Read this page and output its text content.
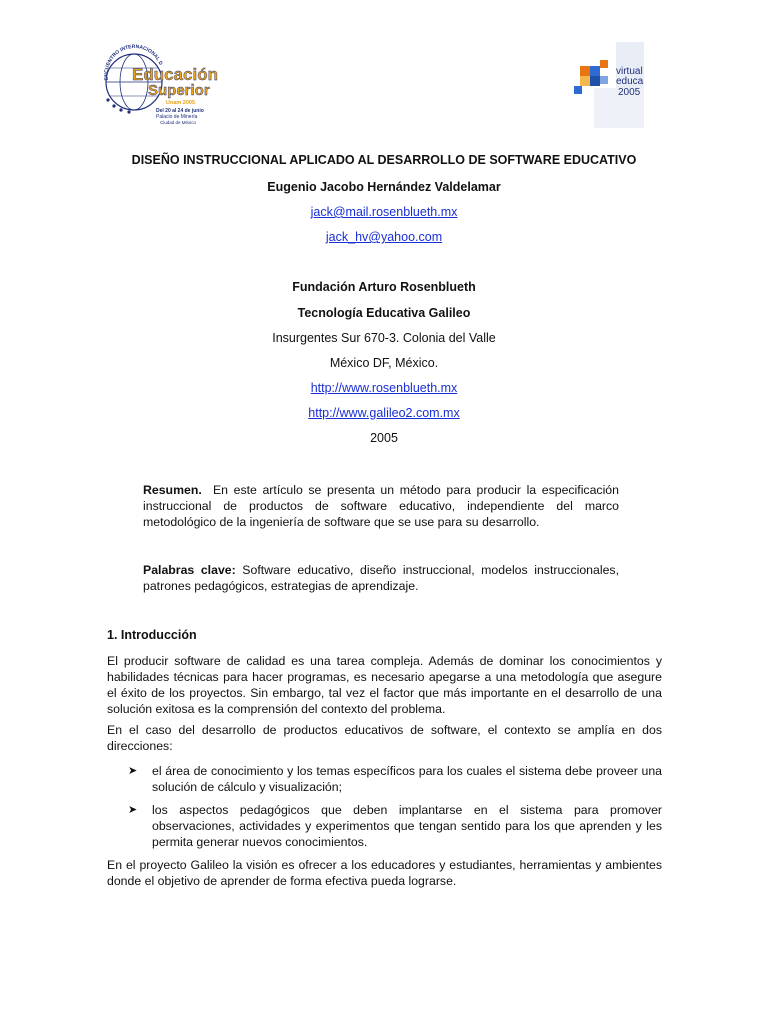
Educación
Superior
Unam 2005
Del 20 al 24 de junio
Palacio de Minería
Ciudad de México
ENCUENTRO INTERNACIONAL D
virtual
educa
2005
DISEÑO INSTRUCCIONAL APLICADO AL DESARROLLO DE SOFTWARE EDUCATIVO
Eugenio Jacobo Hernández Valdelamar
jack@mail.rosenblueth.mx
jack_hv@yahoo.com
Fundación Arturo Rosenblueth
Tecnología Educativa Galileo
Insurgentes Sur 670-3. Colonia del Valle
México DF, México.
http://www.rosenblueth.mx
http://www.galileo2.com.mx
2005
Resumen. En este artículo se presenta un método para producir la especificación instruccional de productos de software educativo, independiente del marco metodológico de la ingeniería de software que se use para su desarrollo.
Palabras clave: Software educativo, diseño instruccional, modelos instruccionales, patrones pedagógicos, estrategias de aprendizaje.
1. Introducción
El producir software de calidad es una tarea compleja. Además de dominar los conocimientos y habilidades técnicas para hacer programas, es necesario apegarse a una metodología que asegure el éxito de los proyectos. Sin embargo, tal vez el factor que más importante en el desarrollo de una solución exitosa es la comprensión del contexto del problema.
En el caso del desarrollo de productos educativos de software, el contexto se amplía en dos direcciones:
➤	el área de conocimiento y los temas específicos para los cuales el sistema debe proveer una solución de cálculo y visualización;
➤	los aspectos pedagógicos que deben implantarse en el sistema para promover observaciones, actividades y experimentos que tengan sentido para los que aprenden y les permita generar nuevos conocimientos.
En el proyecto Galileo la visión es ofrecer a los educadores y estudiantes, herramientas y ambientes donde el objetivo de aprender de forma efectiva pueda lograrse.
